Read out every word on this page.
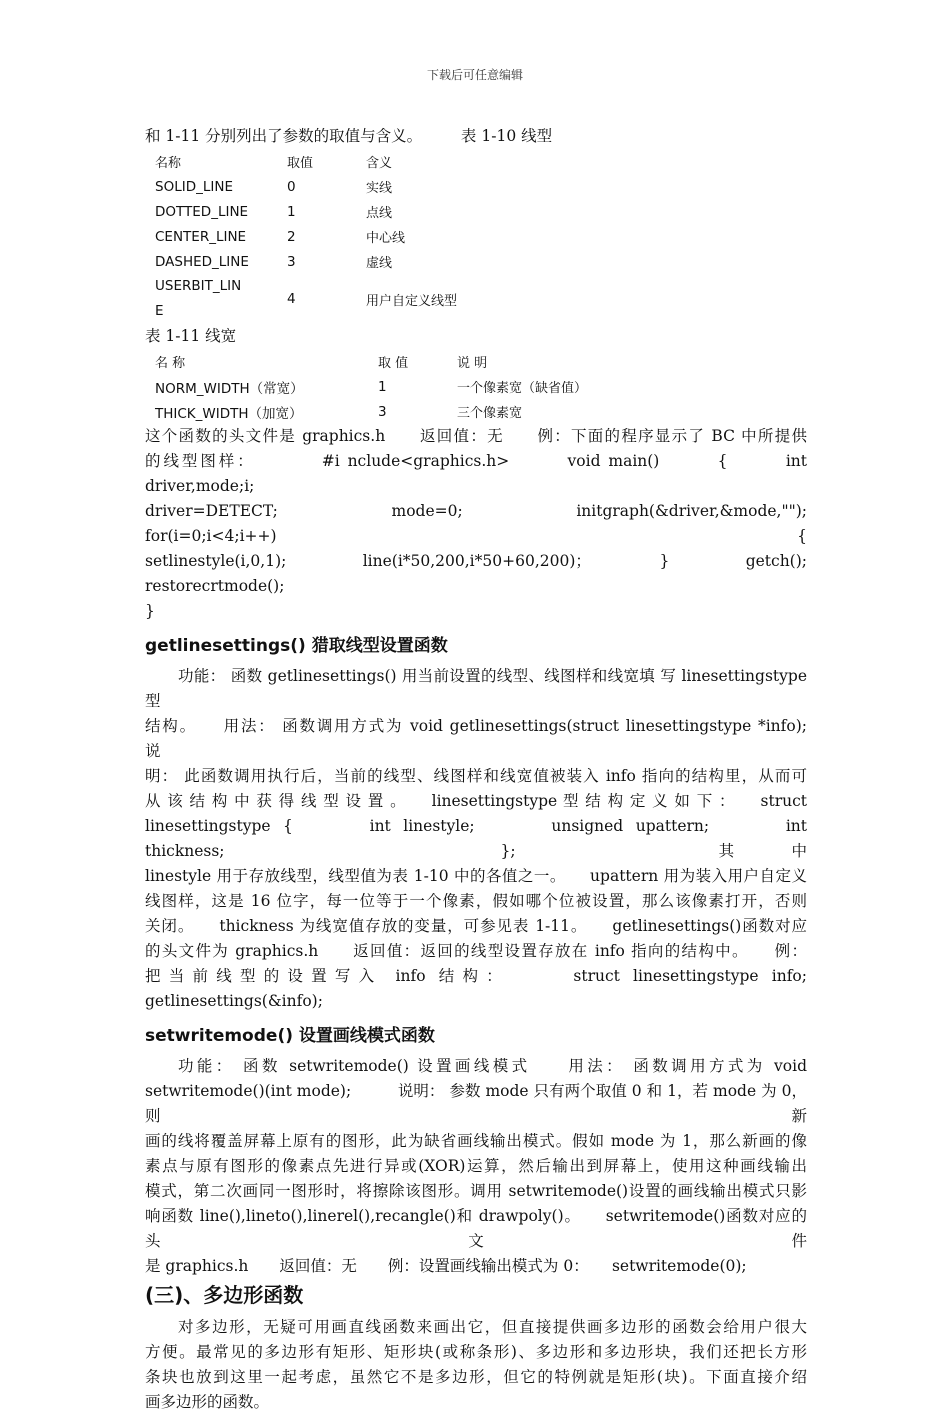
下载后可任意编辑

和 1-11 分别列出了参数的取值与含义。　　　表 1-10 线型

名称	取值	含义
SOLID_LINE	0	实线
DOTTED_LINE	1	点线
CENTER_LINE	2	中心线
DASHED_LINE	3	虚线
USERBIT_LIN
E	4	用户自定义线型

表 1-11 线宽

名 称	取 值	说 明
NORM_WIDTH（常宽）	1	一个像素宽（缺省值）
THICK_WIDTH（加宽）	3	三个像素宽

这个函数的头文件是 graphics.h　　返回值：无　　例：下面的程序显示了 BC 中所提供

的线型图样：　　　　#i nclude<graphics.h>　　　void main()　　　{　　　int driver,mode;i;

driver=DETECT;　　　mode=0;　　　initgraph(&driver,&mode,"");　　　for(i=0;i<4;i++)　　　{

setlinestyle(i,0,1);　　　line(i*50,200,i*50+60,200)；　　　}　　　getch();　　　restorecrtmode();

}

getlinesettings() 猎取线型设置函数

功能： 函数 getlinesettings() 用当前设置的线型、线图样和线宽填 写 linesettingstype 型

结构。　　用法： 函数调用方式为 void getlinesettings(struct linesettingstype *info);　　说

明： 此函数调用执行后，当前的线型、线图样和线宽值被装入 info 指向的结构里，从而可

从 该 结 构 中 获 得 线 型 设 置 。　　linesettingstype 型 结 构 定 义 如 下 ：　　struct

linesettingstype {　　　int linestyle;　　　unsigned upattern;　　　int thickness;　　　};　　其中

linestyle 用于存放线型，线型值为表 1-10 中的各值之一。　　upattern 用为装入用户自定义

线图样，这是 16 位字，每一位等于一个像素，假如哪个位被设置，那么该像素打开，否则

关闭。　　thickness 为线宽值存放的变量，可参见表 1-11。　　getlinesettings()函数对应

的头文件为 graphics.h　　返回值：返回的线型设置存放在 info 指向的结构中。　　例：

把当前线型的设置写入 info 结构：　　　struct linesettingstype info;　　　getlinesettings(&info);

setwritemode() 设置画线模式函数

功能： 函数 setwritemode() 设置画线模式　　用法： 函数调用方式为 void

setwritemode()(int mode);　　　说明： 参数 mode 只有两个取值 0 和 1，若 mode 为 0，则新

画的线将覆盖屏幕上原有的图形，此为缺省画线输出模式。假如 mode 为 1，那么新画的像

素点与原有图形的像素点先进行异或(XOR)运算，然后输出到屏幕上，使用这种画线输出

模式，第二次画同一图形时，将擦除该图形。调用 setwritemode()设置的画线输出模式只影

响函数 line(),lineto(),linerel(),recangle()和 drawpoly()。　　setwritemode()函数对应的头文件

是 graphics.h　　返回值：无　　例：设置画线输出模式为 0：　　setwritemode(0);

(三)、多边形函数

对多边形，无疑可用画直线函数来画出它，但直接提供画多边形的函数会给用户很大

方便。最常见的多边形有矩形、矩形块(或称条形)、多边形和多边形块，我们还把长方形

条块也放到这里一起考虑，虽然它不是多边形，但它的特例就是矩形(块)。下面直接介绍

画多边形的函数。
